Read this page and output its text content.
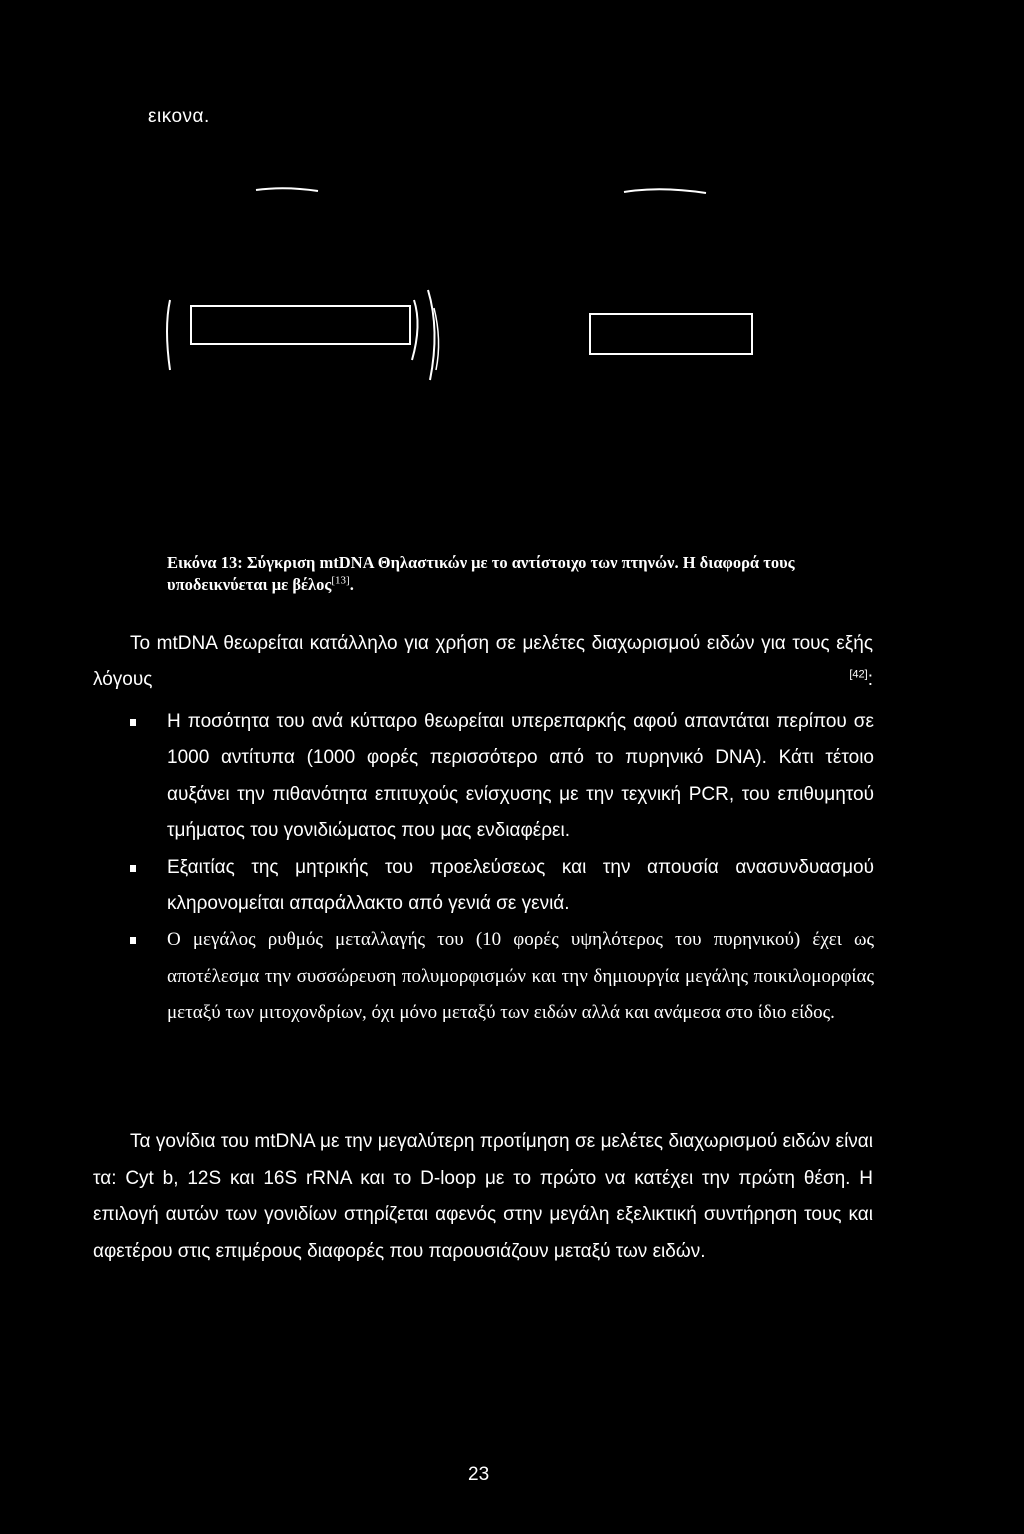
εικονα.
Εικόνα 13: Σύγκριση mtDNA Θηλαστικών με το αντίστοιχο των πτηνών. Η διαφορά τους υποδεικνύεται με βέλος[13].
Το mtDNA θεωρείται κατάλληλο για χρήση σε μελέτες διαχωρισμού ειδών για τους εξής λόγους	[42]:
Η ποσότητα του ανά κύτταρο θεωρείται υπερεπαρκής αφού απαντάται περίπου σε 1000 αντίτυπα (1000 φορές περισσότερο από το πυρηνικό DNA). Κάτι τέτοιο αυξάνει την πιθανότητα επιτυχούς ενίσχυσης με την τεχνική PCR, του επιθυμητού τμήματος του γονιδιώματος που μας ενδιαφέρει.
Εξαιτίας της μητρικής του προελεύσεως και την απουσία ανασυνδυασμού κληρονομείται απαράλλακτο από γενιά σε γενιά.
Ο μεγάλος ρυθμός μεταλλαγής του (10 φορές υψηλότερος του πυρηνικού) έχει ως αποτέλεσμα την συσσώρευση πολυμορφισμών και την δημιουργία μεγάλης ποικιλομορφίας μεταξύ των μιτοχονδρίων, όχι μόνο μεταξύ των ειδών αλλά και ανάμεσα στο ίδιο είδος.
Τα γονίδια του mtDNA με την μεγαλύτερη προτίμηση σε μελέτες διαχωρισμού ειδών είναι τα: Cyt b, 12S και 16S rRNA και το D-loop με το πρώτο να κατέχει την πρώτη θέση. Η επιλογή αυτών των γονιδίων στηρίζεται αφενός στην μεγάλη εξελικτική συντήρηση τους και αφετέρου στις επιμέρους διαφορές που παρουσιάζουν μεταξύ των ειδών.
23
